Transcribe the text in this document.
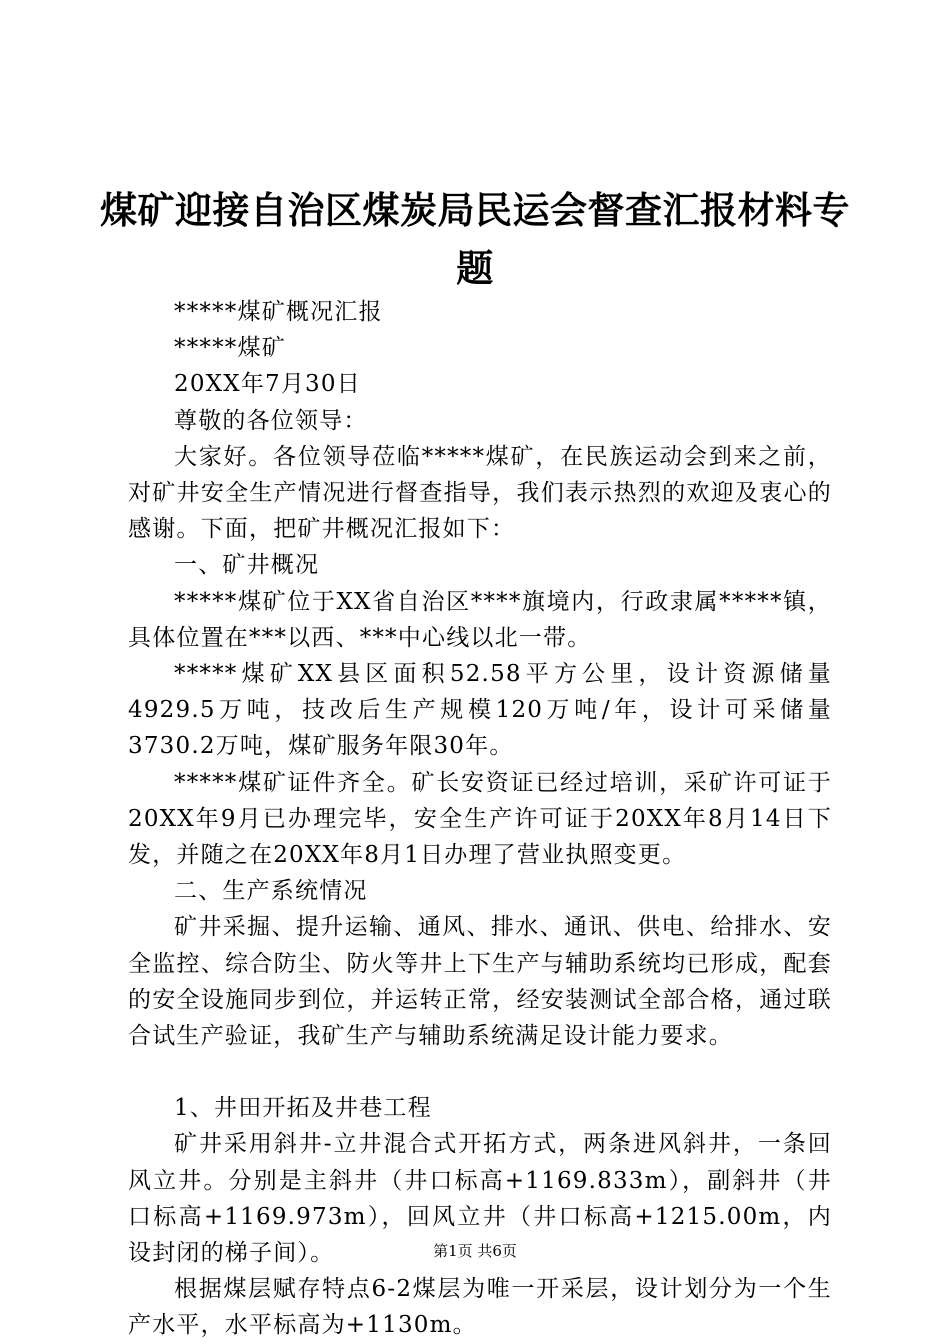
煤矿迎接自治区煤炭局民运会督查汇报材料专题

*****煤矿概况汇报

*****煤矿

20XX年7月30日

尊敬的各位领导：

大家好。各位领导莅临*****煤矿，在民族运动会到来之前，对矿井安全生产情况进行督查指导，我们表示热烈的欢迎及衷心的感谢。下面，把矿井概况汇报如下：

一、矿井概况

*****煤矿位于XX省自治区****旗境内，行政隶属*****镇，具体位置在***以西、***中心线以北一带。

*****煤矿XX县区面积52.58平方公里，设计资源储量4929.5万吨，技改后生产规模120万吨/年，设计可采储量3730.2万吨，煤矿服务年限30年。

*****煤矿证件齐全。矿长安资证已经过培训，采矿许可证于20XX年9月已办理完毕，安全生产许可证于20XX年8月14日下发，并随之在20XX年8月1日办理了营业执照变更。

二、生产系统情况

矿井采掘、提升运输、通风、排水、通讯、供电、给排水、安全监控、综合防尘、防火等井上下生产与辅助系统均已形成，配套的安全设施同步到位，并运转正常，经安装测试全部合格，通过联合试生产验证，我矿生产与辅助系统满足设计能力要求。

1、井田开拓及井巷工程

矿井采用斜井-立井混合式开拓方式，两条进风斜井，一条回风立井。分别是主斜井（井口标高+1169.833m），副斜井（井口标高+1169.973m），回风立井（井口标高+1215.00m，内设封闭的梯子间）。

根据煤层赋存特点6-2煤层为唯一开采层，设计划分为一个生产水平，水平标高为+1130m。

第1页 共6页
